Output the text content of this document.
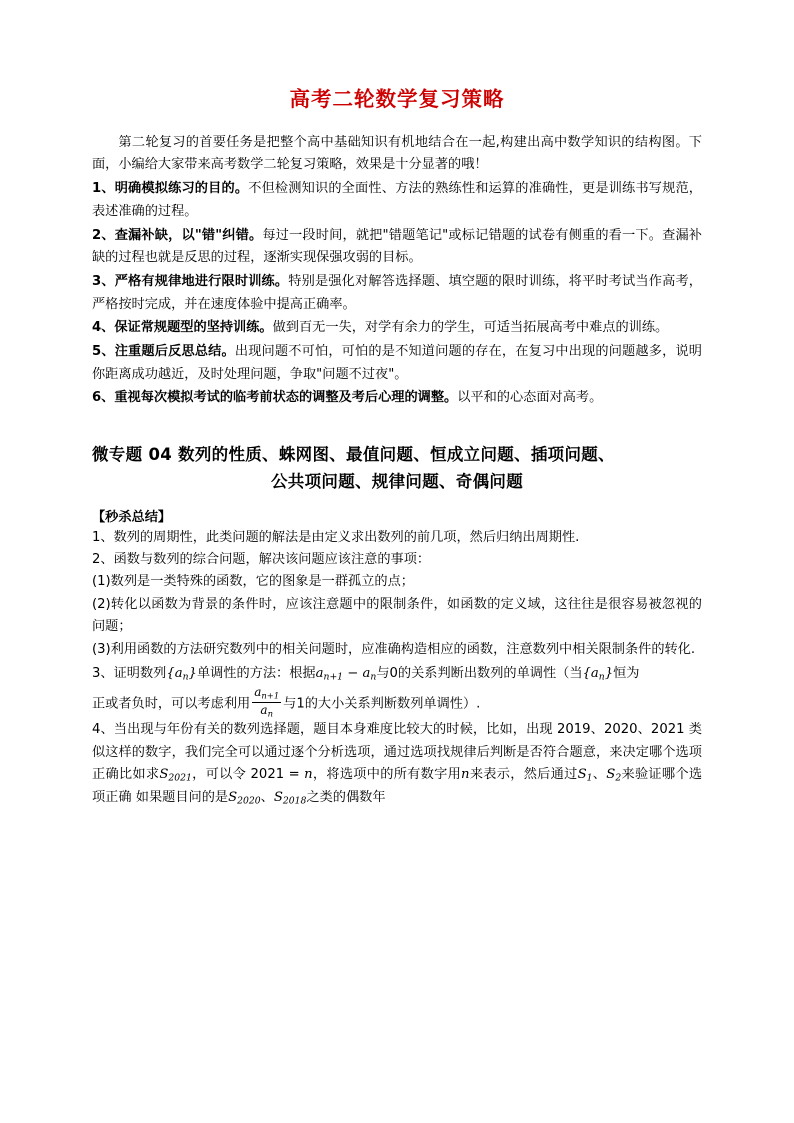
高考二轮数学复习策略

第二轮复习的首要任务是把整个高中基础知识有机地结合在一起,构建出高中数学知识的结构图。下面，小编给大家带来高考数学二轮复习策略，效果是十分显著的哦！

1、明确模拟练习的目的。不但检测知识的全面性、方法的熟练性和运算的准确性，更是训练书写规范，表述准确的过程。

2、查漏补缺，以"错"纠错。每过一段时间，就把"错题笔记"或标记错题的试卷有侧重的看一下。查漏补缺的过程也就是反思的过程，逐渐实现保强攻弱的目标。

3、严格有规律地进行限时训练。特别是强化对解答选择题、填空题的限时训练，将平时考试当作高考，严格按时完成，并在速度体验中提高正确率。

4、保证常规题型的坚持训练。做到百无一失，对学有余力的学生，可适当拓展高考中难点的训练。

5、注重题后反思总结。出现问题不可怕，可怕的是不知道问题的存在，在复习中出现的问题越多，说明你距离成功越近，及时处理问题，争取"问题不过夜"。

6、重视每次模拟考试的临考前状态的调整及考后心理的调整。以平和的心态面对高考。

微专题 04 数列的性质、蛛网图、最值问题、恒成立问题、插项问题、
公共项问题、规律问题、奇偶问题
【秒杀总结】

1、数列的周期性，此类问题的解法是由定义求出数列的前几项，然后归纳出周期性.

2、函数与数列的综合问题，解决该问题应该注意的事项：

(1)数列是一类特殊的函数，它的图象是一群孤立的点；

(2)转化以函数为背景的条件时，应该注意题中的限制条件，如函数的定义域，这往往是很容易被忽视的问题；

(3)利用函数的方法研究数列中的相关问题时，应准确构造相应的函数，注意数列中相关限制条件的转化.

3、证明数列$\{a_n\}$单调性的方法：根据$a_{n+1} - a_n$与0的关系判断出数列的单调性（当$\{a_n\}$恒为
正或者负时，可以考虑利用 $\frac{a_{n+1}}{a_n}$ 与1的大小关系判断数列单调性）.

4、当出现与年份有关的数列选择题，题目本身难度比较大的时候，比如，出现 2019、2020、2021 类似这样的数字，我们完全可以通过逐个分析选项，通过选项找规律后判断是否符合题意，来决定哪个选项正确比如求$S_{2021}$，可以令 2021 = n，将选项中的所有数字用n来表示，然后通过$S_1$、$S_2$来验证哪个选项正确 如果题目问的是$S_{2020}$、$S_{2018}$之类的偶数年
